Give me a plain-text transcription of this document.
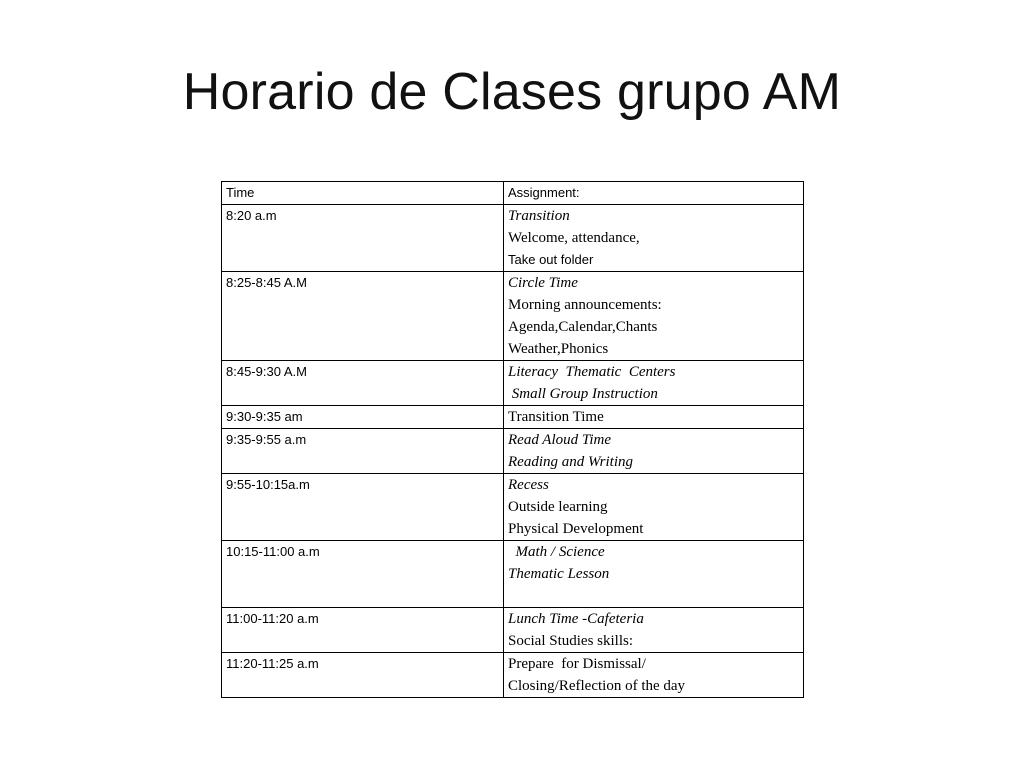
Horario de Clases grupo AM
Time	Assignment:
8:20 a.m	Transition
Welcome, attendance,
Take out folder

8:25-8:45 A.M	Circle Time
Morning announcements:
Agenda,Calendar,Chants
Weather,Phonics

8:45-9:30 A.M	Literacy  Thematic  Centers
Small Group Instruction

9:30-9:35 am	Transition Time

9:35-9:55 a.m	Read Aloud Time
Reading and Writing

9:55-10:15a.m	Recess
Outside learning
Physical Development

10:15-11:00 a.m	Math / Science
Thematic Lesson

11:00-11:20 a.m	Lunch Time -Cafeteria
Social Studies skills:

11:20-11:25 a.m	Prepare  for Dismissal/
Closing/Reflection of the day
